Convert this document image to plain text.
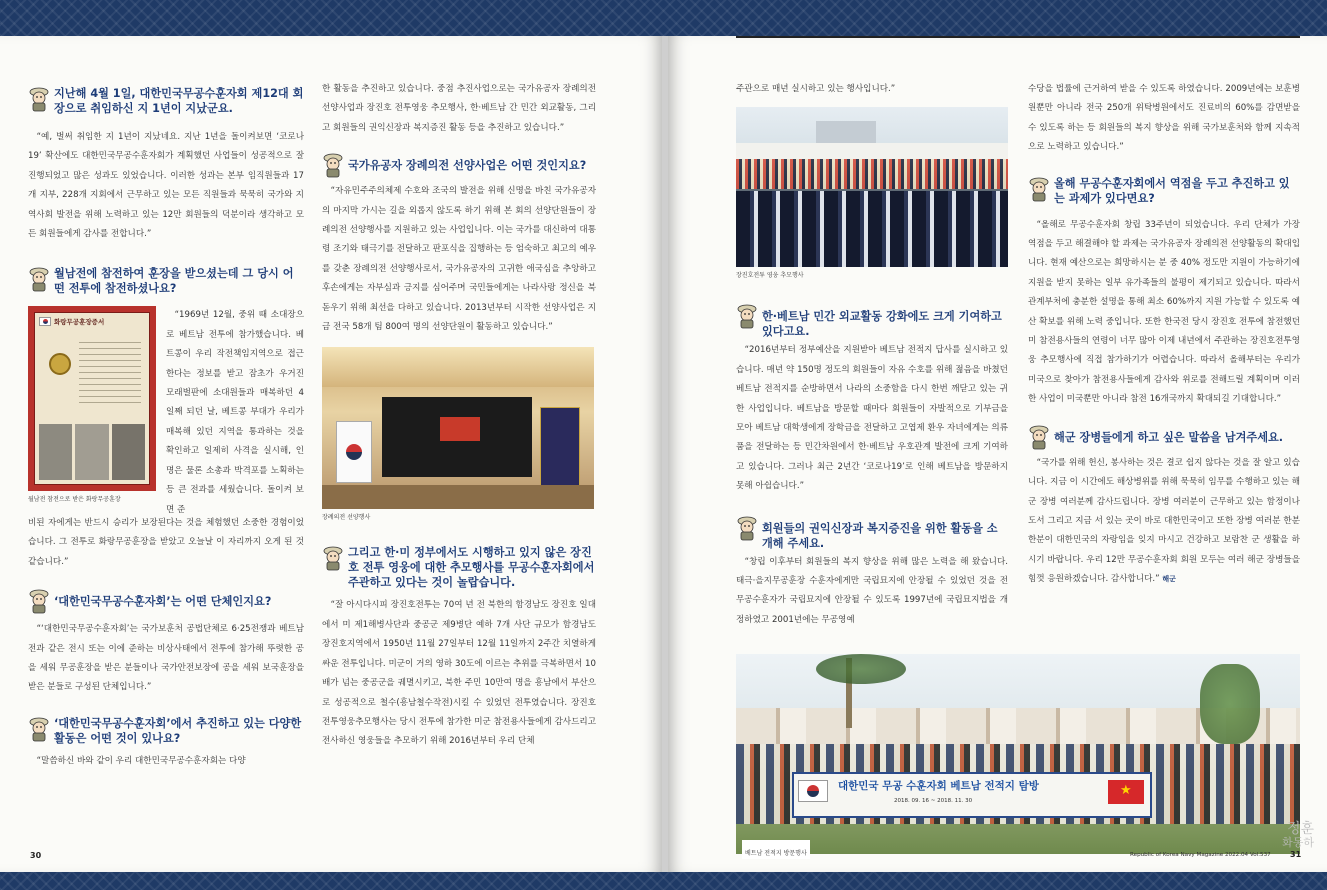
지난해 4월 1일, 대한민국무공수훈자회 제12대 회장으로 취임하신 지 1년이 지났군요.

“예, 벌써 취임한 지 1년이 지났네요. 지난 1년을 돌이켜보면 ‘코로나19’ 확산에도 대한민국무공수훈자회가 계획했던 사업들이 성공적으로 잘 진행되었고 많은 성과도 있었습니다. 이러한 성과는 본부 임직원들과 17개 지부, 228개 지회에서 근무하고 있는 모든 직원들과 묵묵히 국가와 지역사회 발전을 위해 노력하고 있는 12만 회원들의 덕분이라 생각하고 모든 회원들에게 감사를 전합니다.”

월남전에 참전하여 훈장을 받으셨는데 그 당시 어떤 전투에 참전하셨나요?
화랑무공훈장증서
월남전 참전으로 받은 화랑무공훈장

“1969년 12월, 중위 때 소대장으로 베트남 전투에 참가했습니다. 베트콩이 우리 작전책임지역으로 접근한다는 정보를 받고 잠초가 우거진 모래벌판에 소대원들과 매복하던 4일째 되던 날, 베트콩 부대가 우리가 매복해 있던 지역을 통과하는 것을 확인하고 일제히 사격을 실시해, 인명은 물론 소총과 박격포를 노획하는 등 큰 전과를 세웠습니다. 돌이켜 보면 준

비된 자에게는 반드시 승리가 보장된다는 것을 체험했던 소중한 경험이었습니다. 그 전투로 화랑무공훈장을 받았고 오늘날 이 자리까지 오게 된 것 같습니다.”

‘대한민국무공수훈자회’는 어떤 단체인지요?

“‘대한민국무공수훈자회’는 국가보훈처 공법단체로 6·25전쟁과 베트남전과 같은 전시 또는 이에 준하는 비상사태에서 전투에 참가해 뚜렷한 공을 세워 무공훈장을 받은 분들이나 국가안전보장에 공을 세워 보국훈장을 받은 분들로 구성된 단체입니다.”

‘대한민국무공수훈자회’에서 추진하고 있는 다양한 활동은 어떤 것이 있나요?

“말씀하신 바와 같이 우리 대한민국무공수훈자회는 다양

한 활동을 추진하고 있습니다. 중점 추진사업으로는 국가유공자 장례의전 선양사업과 장진호 전투영웅 추모행사, 한·베트남 간 민간 외교활동, 그리고 회원들의 권익신장과 복지증진 활동 등을 추진하고 있습니다.”

국가유공자 장례의전 선양사업은 어떤 것인지요?

“자유민주주의체제 수호와 조국의 발전을 위해 신명을 바친 국가유공자의 마지막 가시는 길을 외롭지 않도록 하기 위해 본 회의 선양단원들이 장례의전 선양행사를 지원하고 있는 사업입니다. 이는 국가를 대신하여 대통령 조기와 태극기를 전달하고 판포식을 집행하는 등 엄숙하고 최고의 예우를 갖춘 장례의전 선양행사로서, 국가유공자의 고귀한 애국심을 추앙하고 후손에게는 자부심과 긍지를 심어주며 국민들에게는 나라사랑 정신을 북돋우기 위해 최선을 다하고 있습니다. 2013년부터 시작한 선양사업은 지금 전국 58개 팀 800여 명의 선양단원이 활동하고 있습니다.”

장례의전 선양행사
그리고 한·미 정부에서도 시행하고 있지 않은 장진호 전투 영웅에 대한 추모행사를 무공수훈자회에서 주관하고 있다는 것이 놀랍습니다.

“잘 아시다시피 장진호전투는 70여 년 전 북한의 함경남도 장진호 일대에서 미 제1해병사단과 중공군 제9병단 예하 7개 사단 규모가 함경남도 장진호지역에서 1950년 11월 27일부터 12월 11일까지 2주간 치열하게 싸운 전투입니다. 미군이 거의 영하 30도에 이르는 추위를 극복하면서 10배가 넘는 중공군을 궤멸시키고, 북한 주민 10만여 명을 흥남에서 부산으로 성공적으로 철수(흥남철수작전)시킬 수 있었던 전투였습니다. 장진호 전투영웅추모행사는 당시 전투에 참가한 미군 참전용사들에게 감사드리고 전사하신 영웅들을 추모하기 위해 2016년부터 우리 단체

30

주관으로 매년 실시하고 있는 행사입니다.”

장진호전투 영웅 추모행사
한·베트남 민간 외교활동 강화에도 크게 기여하고 있다고요.

“2016년부터 정부예산을 지원받아 베트남 전적지 답사를 실시하고 있습니다. 매년 약 150명 정도의 회원들이 자유 수호를 위해 젊음을 바쳤던 베트남 전적지를 순방하면서 나라의 소중함을 다시 한번 깨닫고 있는 귀한 사업입니다. 베트남을 방문할 때마다 회원들이 자발적으로 기부금을 모아 베트남 대학생에게 장학금을 전달하고 고엽제 환우 자녀에게는 의류품을 전달하는 등 민간차원에서 한·베트남 우호관계 발전에 크게 기여하고 있습니다. 그러나 최근 2년간 ‘코로나19’로 인해 베트남을 방문하지 못해 아쉽습니다.”

회원들의 권익신장과 복지증진을 위한 활동을 소개해 주세요.

“창립 이후부터 회원들의 복지 향상을 위해 많은 노력을 해 왔습니다. 태극·을지무공훈장 수훈자에게만 국립묘지에 안장될 수 있었던 것을 전 무공수훈자가 국립묘지에 안장될 수 있도록 1997년에 국립묘지법을 개정하였고 2001년에는 무공영예

수당을 법률에 근거하여 받을 수 있도록 하였습니다. 2009년에는 보훈병원뿐만 아니라 전국 250개 위탁병원에서도 진료비의 60%를 감면받을 수 있도록 하는 등 회원들의 복지 향상을 위해 국가보훈처와 함께 지속적으로 노력하고 있습니다.”

올해 무공수훈자회에서 역점을 두고 추진하고 있는 과제가 있다면요?

“올해로 무공수훈자회 창립 33주년이 되었습니다. 우리 단체가 가장 역점을 두고 해결해야 할 과제는 국가유공자 장례의전 선양활동의 확대입니다. 현재 예산으로는 희망하시는 분 중 40% 정도만 지원이 가능하기에 지원을 받지 못하는 일부 유가족들의 불평이 제기되고 있습니다. 따라서 관계부처에 충분한 설명을 통해 최소 60%까지 지원 가능할 수 있도록 예산 확보를 위해 노력 중입니다. 또한 한국전 당시 장진호 전투에 참전했던 미 참전용사들의 연령이 너무 많아 이제 내년에서 주관하는 장진호전투영웅 추모행사에 직접 참가하기가 어렵습니다. 따라서 올해부터는 우리가 미국으로 찾아가 참전용사들에게 감사와 위로를 전해드릴 계획이며 이러한 사업이 미국뿐만 아니라 참전 16개국까지 확대되길 기대합니다.”

해군 장병들에게 하고 싶은 말씀을 남겨주세요.

“국가를 위해 헌신, 봉사하는 것은 결코 쉽지 않다는 것을 잘 알고 있습니다. 지금 이 시간에도 해상병위를 위해 묵묵히 임무를 수행하고 있는 해군 장병 여러분께 감사드립니다. 장병 여러분이 근무하고 있는 함정이나 도서 그리고 지금 서 있는 곳이 바로 대한민국이고 또한 장병 여러분 한분 한분이 대한민국의 자랑임을 잊지 마시고 건강하고 보람찬 군 생활을 하시기 바랍니다. 우리 12만 무공수훈자회 회원 모두는 여러 해군 장병들을 힘껏 응원하겠습니다. 감사합니다.” 해군

대한민국 무공 수훈자회 베트남 전적지 탐방
2018. 09. 16 ~ 2018. 11. 30
★
베트남 전적지 방문행사
정훈
화동하
Republic of Korea Navy Magazine 2022.04 Vol.537 31
